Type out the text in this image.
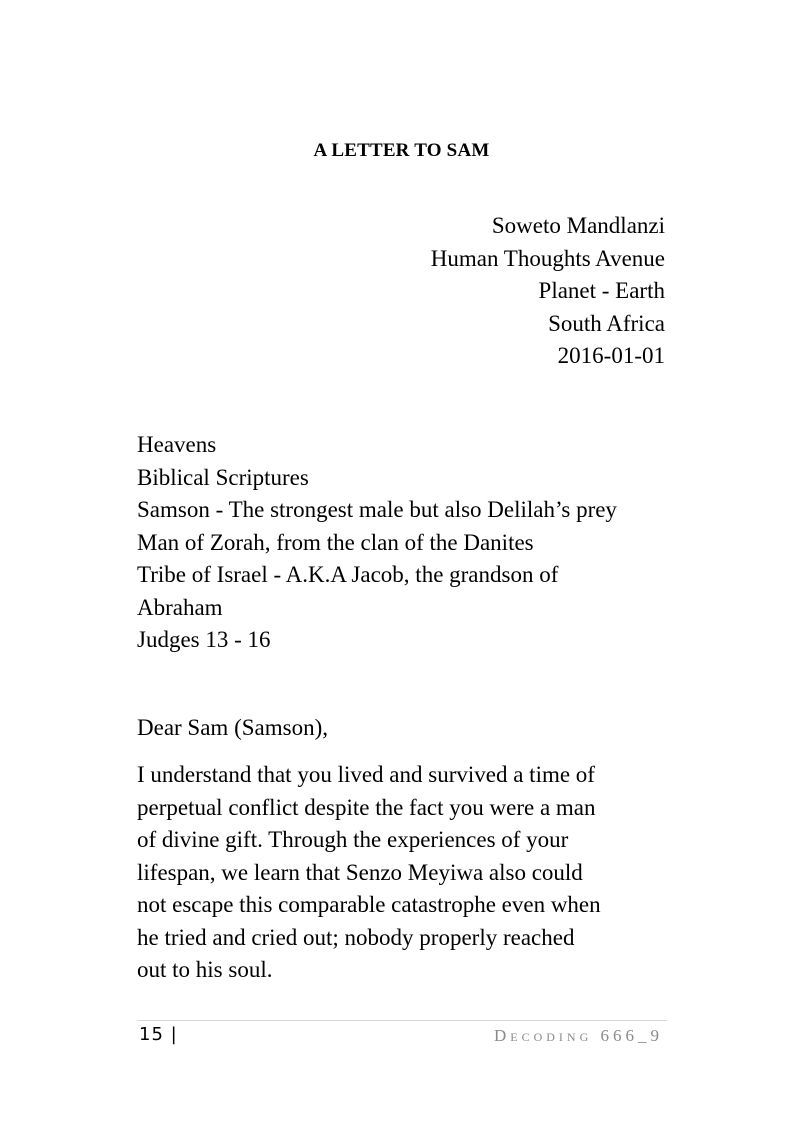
A LETTER TO SAM
Soweto Mandlanzi
Human Thoughts Avenue
Planet - Earth
South Africa
2016-01-01
Heavens
Biblical Scriptures
Samson - The strongest male but also Delilah’s prey
Man of Zorah, from the clan of the Danites
Tribe of Israel - A.K.A Jacob, the grandson of
Abraham
Judges 13 - 16
Dear Sam (Samson),
I understand that you lived and survived a time of
perpetual conflict despite the fact you were a man
of divine gift. Through the experiences of your
lifespan, we learn that Senzo Meyiwa also could
not escape this comparable catastrophe even when
he tried and cried out; nobody properly reached
out to his soul.
15 |	Decoding 666_9
